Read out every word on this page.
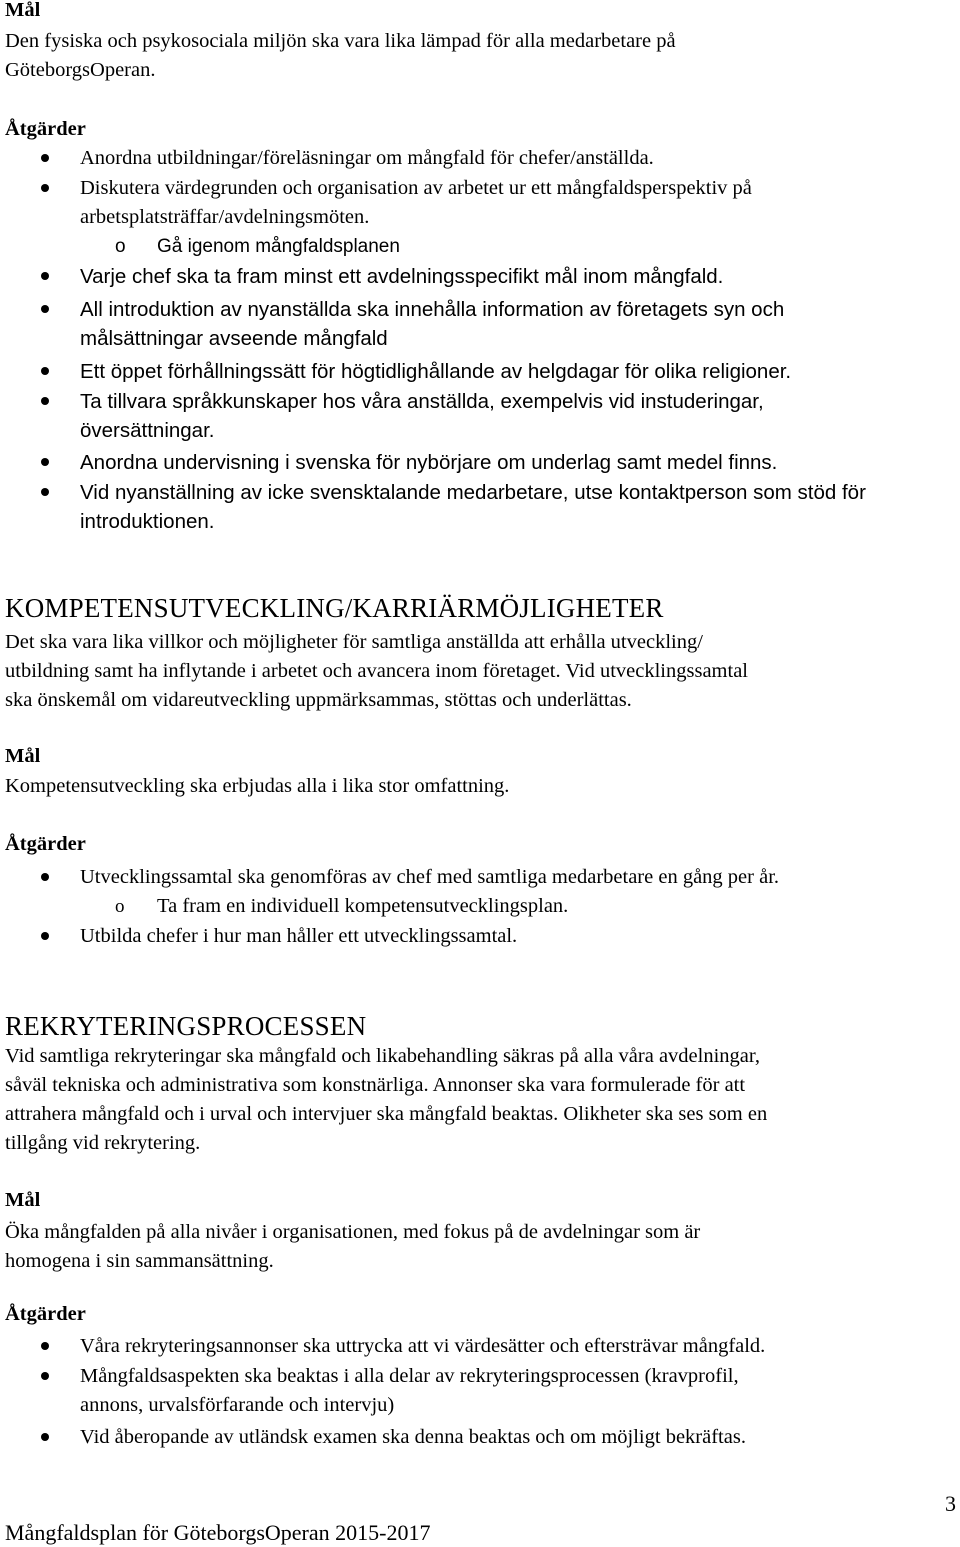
Mål
Den fysiska och psykosociala miljön ska vara lika lämpad för alla medarbetare på
GöteborgsOperan.
Åtgärder
Anordna utbildningar/föreläsningar om mångfald för chefer/anställda.
Diskutera värdegrunden och organisation av arbetet ur ett mångfaldsperspektiv på
arbetsplatsträffar/avdelningsmöten.
o Gå igenom mångfaldsplanen
Varje chef ska ta fram minst ett avdelningsspecifikt mål inom mångfald.
All introduktion av nyanställda ska innehålla information av företagets syn och
målsättningar avseende mångfald
Ett öppet förhållningssätt för högtidlighållande av helgdagar för olika religioner.
Ta tillvara språkkunskaper hos våra anställda, exempelvis vid instuderingar,
översättningar.
Anordna undervisning i svenska för nybörjare om underlag samt medel finns.
Vid nyanställning av icke svensktalande medarbetare, utse kontaktperson som stöd för
introduktionen.
KOMPETENSUTVECKLING/KARRIÄRMÖJLIGHETER
Det ska vara lika villkor och möjligheter för samtliga anställda att erhålla utveckling/
utbildning samt ha inflytande i arbetet och avancera inom företaget. Vid utvecklingssamtal
ska önskemål om vidareutveckling uppmärksammas, stöttas och underlättas.
Mål
Kompetensutveckling ska erbjudas alla i lika stor omfattning.
Åtgärder
Utvecklingssamtal ska genomföras av chef med samtliga medarbetare en gång per år.
o Ta fram en individuell kompetensutvecklingsplan.
Utbilda chefer i hur man håller ett utvecklingssamtal.
REKRYTERINGSPROCESSEN
Vid samtliga rekryteringar ska mångfald och likabehandling säkras på alla våra avdelningar,
såväl tekniska och administrativa som konstnärliga. Annonser ska vara formulerade för att
attrahera mångfald och i urval och intervjuer ska mångfald beaktas. Olikheter ska ses som en
tillgång vid rekrytering.
Mål
Öka mångfalden på alla nivåer i organisationen, med fokus på de avdelningar som är
homogena i sin sammansättning.
Åtgärder
Våra rekryteringsannonser ska uttrycka att vi värdesätter och eftersträvar mångfald.
Mångfaldsaspekten ska beaktas i alla delar av rekryteringsprocessen (kravprofil,
annons, urvalsförfarande och intervju)
Vid åberopande av utländsk examen ska denna beaktas och om möjligt bekräftas.
3
Mångfaldsplan för GöteborgsOperan 2015-2017
